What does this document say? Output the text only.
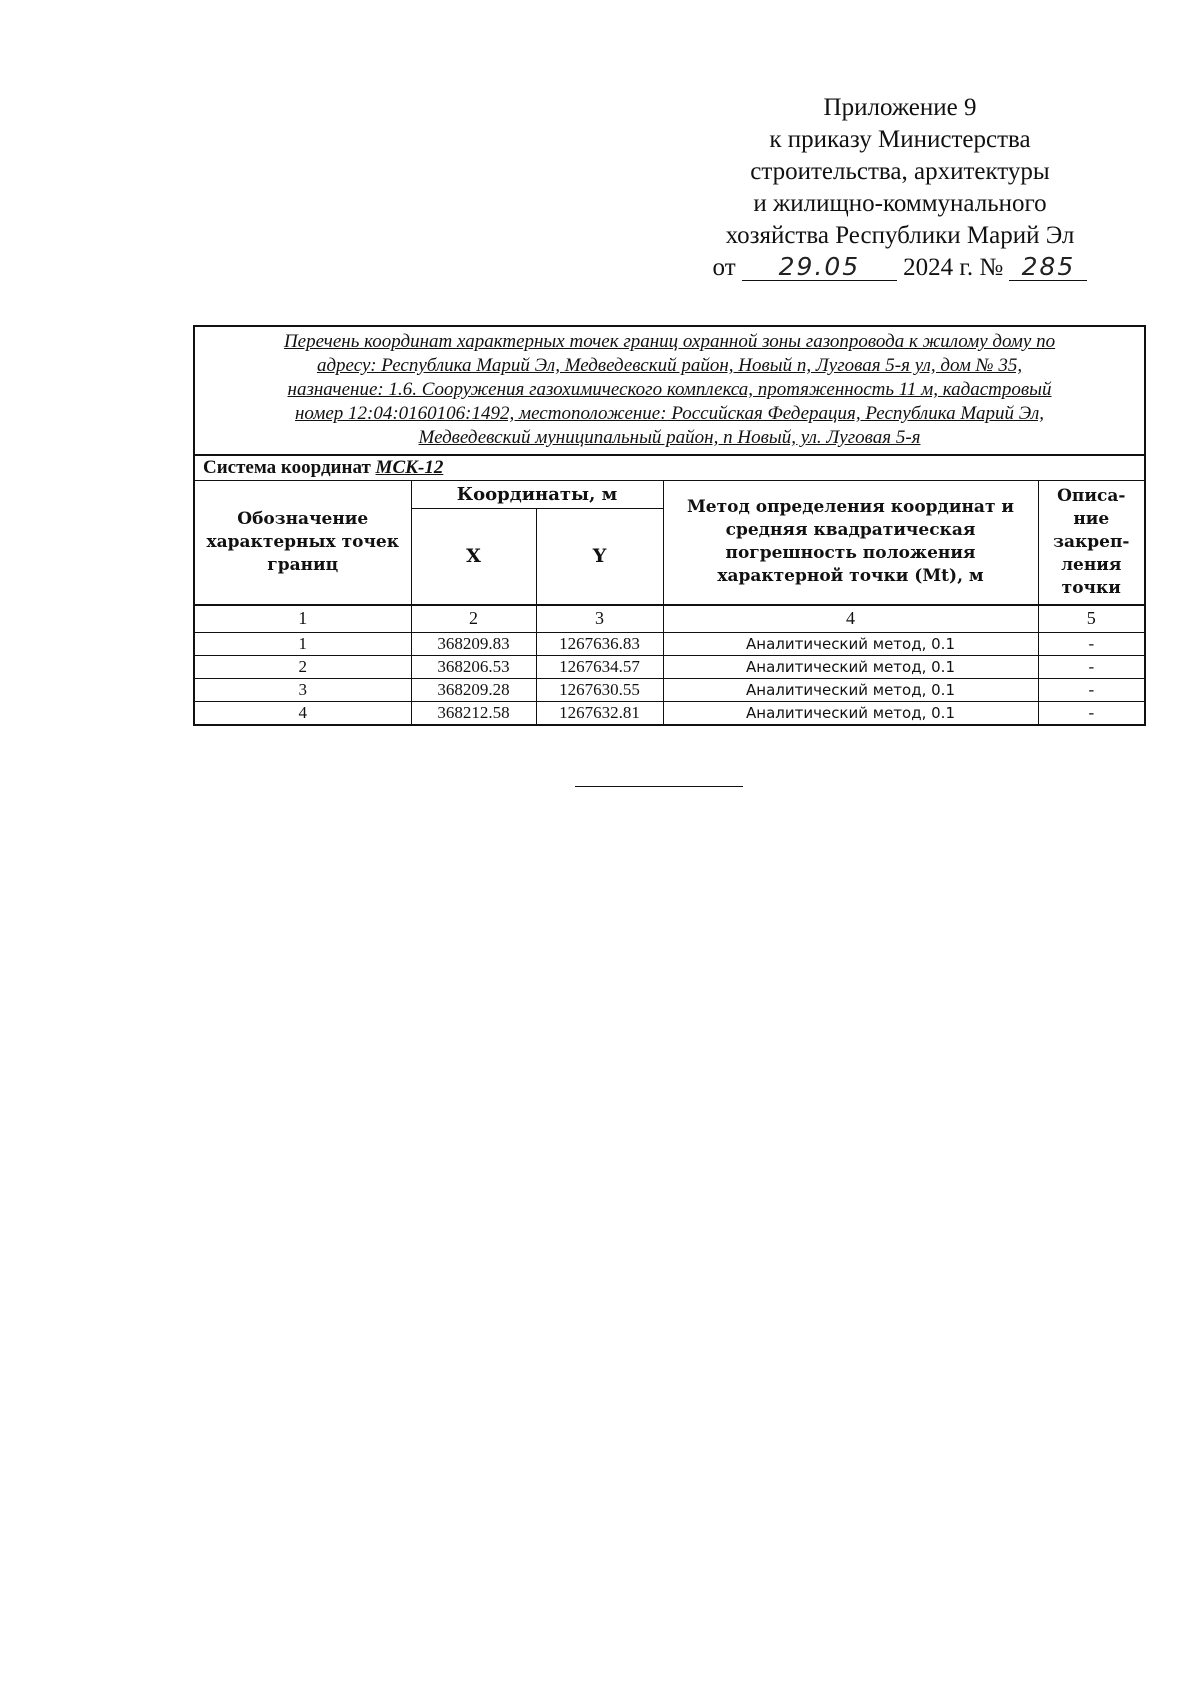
Приложение 9
к приказу Министерства
строительства, архитектуры
и жилищно-коммунального
хозяйства Республики Марий Эл
от 29.05 2024 г. № 285
Перечень координат характерных точек границ охранной зоны газопровода к жилому дому по
адресу: Республика Марий Эл, Медведевский район, Новый п, Луговая 5-я ул, дом № 35,
назначение: 1.6. Сооружения газохимического комплекса, протяженность 11 м, кадастровый
номер 12:04:0160106:1492, местоположение: Российская Федерация, Республика Марий Эл,
Медведевский муниципальный район, п Новый, ул. Луговая 5-я				

Система координат МСК-12				
Обозначение характерных точек границ	Координаты, м		Метод определения координат и средняя квадратическая погрешность положения характерной точки (Mt), м	Описа-
ние
закреп-
ления
точки

	X	Y		
1	2	3	4	5
1	368209.83	1267636.83	Аналитический метод, 0.1	-
2	368206.53	1267634.57	Аналитический метод, 0.1	-
3	368209.28	1267630.55	Аналитический метод, 0.1	-
4	368212.58	1267632.81	Аналитический метод, 0.1	-
